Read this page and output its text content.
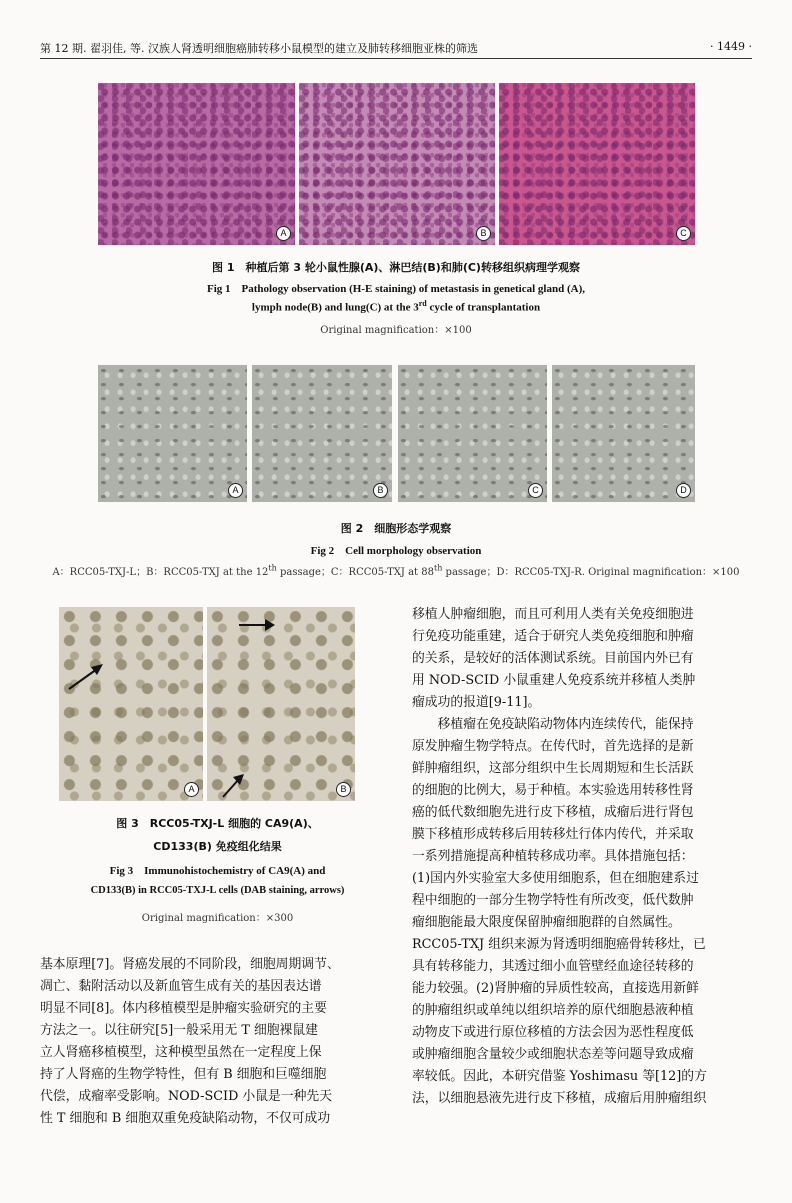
第 12 期. 翟羽佳, 等. 汉族人肾透明细胞癌肺转移小鼠模型的建立及肺转移细胞亚株的筛选	· 1449 ·
A	B	C
图 1　种植后第 3 轮小鼠性腺(A)、淋巴结(B)和肺(C)转移组织病理学观察
Fig 1　Pathology observation (H-E staining) of metastasis in genetical gland (A),
lymph node(B) and lung(C) at the 3rd cycle of transplantation
Original magnification：×100
A	B	C	D
图 2　细胞形态学观察
Fig 2　Cell morphology observation
A：RCC05-TXJ-L；B：RCC05-TXJ at the 12th passage；C：RCC05-TXJ at 88th passage；D：RCC05-TXJ-R. Original magnification：×100
A	B
图 3　RCC05-TXJ-L 细胞的 CA9(A)、
CD133(B) 免疫组化结果
Fig 3　Immunohistochemistry of CA9(A) and
CD133(B) in RCC05-TXJ-L cells (DAB staining, arrows)
Original magnification：×300

基本原理[7]。肾癌发展的不同阶段，细胞周期调节、

凋亡、黏附活动以及新血管生成有关的基因表达谱

明显不同[8]。体内移植模型是肿瘤实验研究的主要

方法之一。以往研究[5]一般采用无 T 细胞裸鼠建

立人肾癌移植模型，这种模型虽然在一定程度上保

持了人肾癌的生物学特性，但有 B 细胞和巨噬细胞

代偿，成瘤率受影响。NOD-SCID 小鼠是一种先天

性 T 细胞和 B 细胞双重免疫缺陷动物，不仅可成功

移植人肿瘤细胞，而且可利用人类有关免疫细胞进

行免疫功能重建，适合于研究人类免疫细胞和肿瘤

的关系，是较好的活体测试系统。目前国内外已有

用 NOD-SCID 小鼠重建人免疫系统并移植人类肿

瘤成功的报道[9-11]。

移植瘤在免疫缺陷动物体内连续传代，能保持

原发肿瘤生物学特点。在传代时，首先选择的是新

鲜肿瘤组织，这部分组织中生长周期短和生长活跃

的细胞的比例大，易于种植。本实验选用转移性肾

癌的低代数细胞先进行皮下移植，成瘤后进行肾包

膜下移植形成转移后用转移灶行体内传代，并采取

一系列措施提高种植转移成功率。具体措施包括：

(1)国内外实验室大多使用细胞系，但在细胞建系过

程中细胞的一部分生物学特性有所改变，低代数肿

瘤细胞能最大限度保留肿瘤细胞群的自然属性。

RCC05-TXJ 组织来源为肾透明细胞癌骨转移灶，已

具有转移能力，其透过细小血管壁经血途径转移的

能力较强。(2)肾肿瘤的异质性较高，直接选用新鲜

的肿瘤组织或单纯以组织培养的原代细胞悬液种植

动物皮下或进行原位移植的方法会因为恶性程度低

或肿瘤细胞含量较少或细胞状态差等问题导致成瘤

率较低。因此，本研究借鉴 Yoshimasu 等[12]的方

法，以细胞悬液先进行皮下移植，成瘤后用肿瘤组织
